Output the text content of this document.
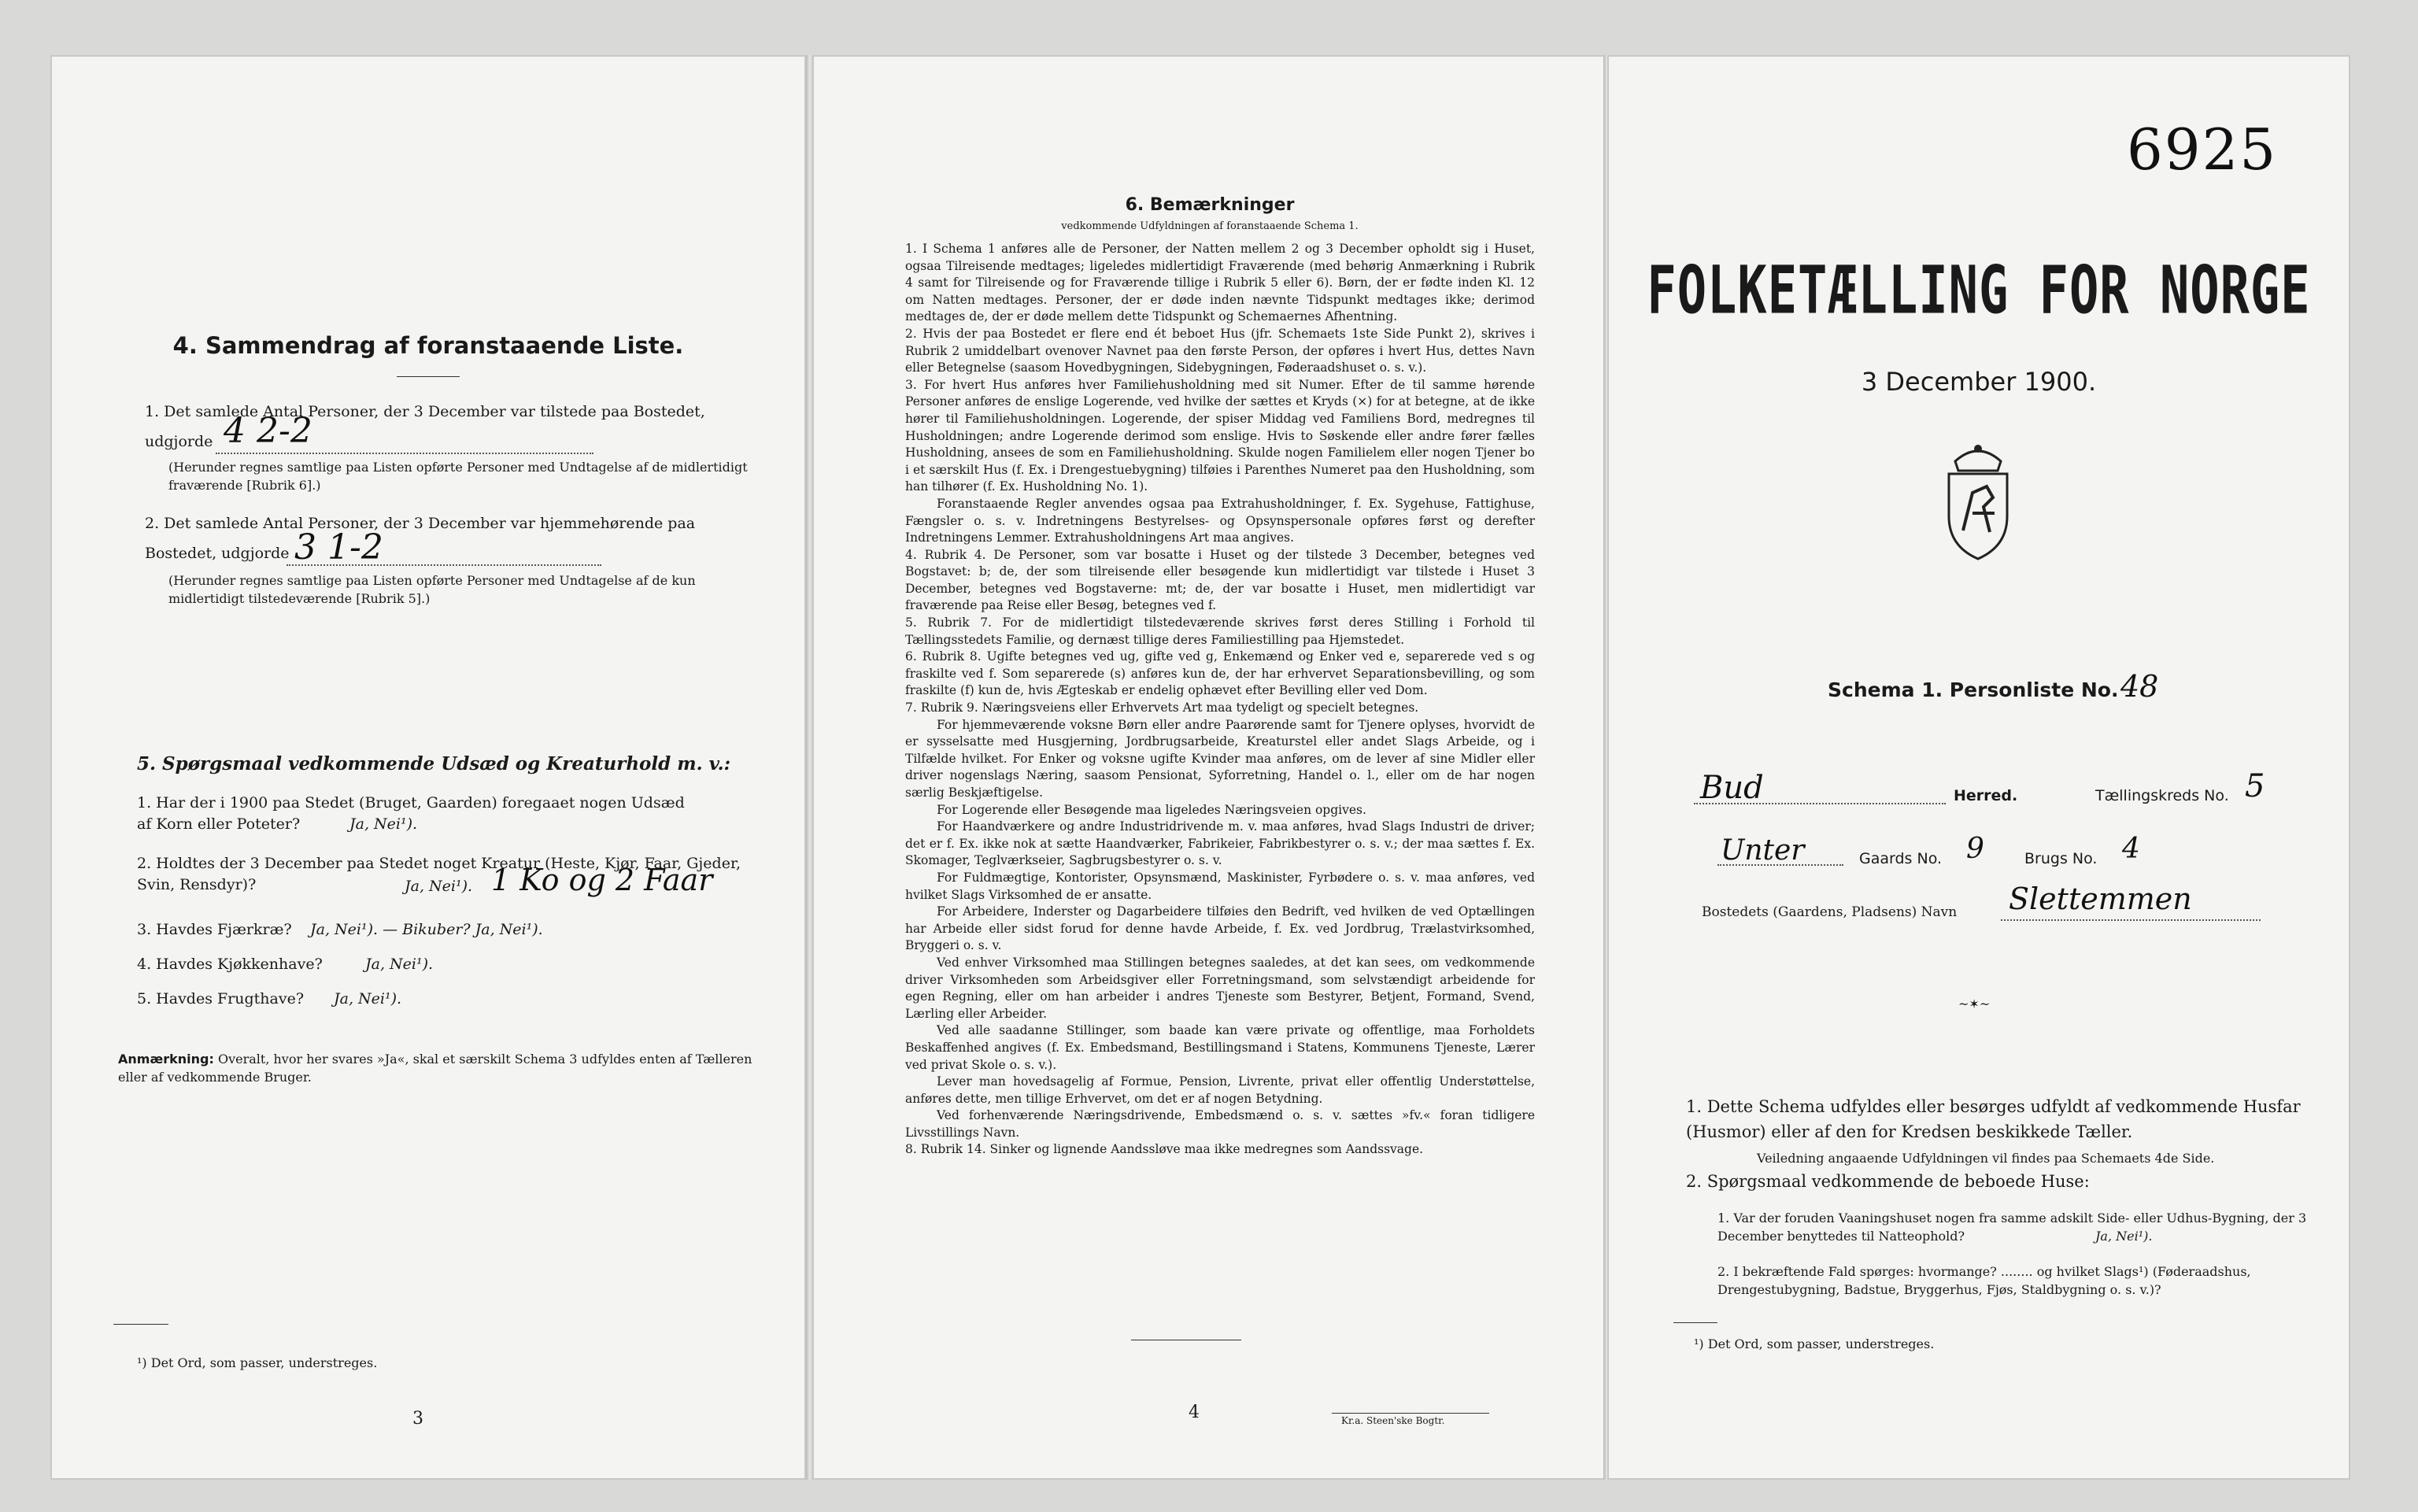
4. Sammendrag af foranstaaende Liste.
1. Det samlede Antal Personer, der 3 December var tilstede paa Bostedet,
udgjorde 4 2-2
(Herunder regnes samtlige paa Listen opførte Personer med Undtagelse af de midlertidigt fraværende [Rubrik 6].)
2. Det samlede Antal Personer, der 3 December var hjemmehørende paa
Bostedet, udgjorde 3 1-2
(Herunder regnes samtlige paa Listen opførte Personer med Undtagelse af de kun midlertidigt tilstedeværende [Rubrik 5].)
5. Spørgsmaal vedkommende Udsæd og Kreaturhold m. v.:
1. Har der i 1900 paa Stedet (Bruget, Gaarden) foregaaet nogen Udsæd af Korn eller Poteter?	Ja, Nei¹).
2. Holdtes der 3 December paa Stedet noget Kreatur (Heste, Kjør, Faar, Gjeder, Svin, Rensdyr)?	Ja, Nei¹). 1 Ko og 2 Faar
3. Havdes Fjærkræ? Ja, Nei¹). — Bikuber? Ja, Nei¹).
4. Havdes Kjøkkenhave?	Ja, Nei¹).
5. Havdes Frugthave? Ja, Nei¹).
Anmærkning: Overalt, hvor her svares »Ja«, skal et særskilt Schema 3 udfyldes enten af Tælleren eller af vedkommende Bruger.
¹) Det Ord, som passer, understreges.
3
6. Bemærkninger
vedkommende Udfyldningen af foranstaaende Schema 1.
1. I Schema 1 anføres alle de Personer, der Natten mellem 2 og 3 December opholdt sig i Huset, ogsaa Tilreisende medtages; ligeledes midlertidigt Fraværende (med behørig Anmærkning i Rubrik 4 samt for Tilreisende og for Fraværende tillige i Rubrik 5 eller 6). Børn, der er fødte inden Kl. 12 om Natten medtages. Personer, der er døde inden nævnte Tidspunkt medtages ikke; derimod medtages de, der er døde mellem dette Tidspunkt og Schemaernes Afhentning.
2. Hvis der paa Bostedet er flere end ét beboet Hus (jfr. Schemaets 1ste Side Punkt 2), skrives i Rubrik 2 umiddelbart ovenover Navnet paa den første Person, der opføres i hvert Hus, dettes Navn eller Betegnelse (saasom Hovedbygningen, Sidebygningen, Føderaadshuset o. s. v.).
3. For hvert Hus anføres hver Familiehusholdning med sit Numer. Efter de til samme hørende Personer anføres de enslige Logerende, ved hvilke der sættes et Kryds (×) for at betegne, at de ikke hører til Familiehusholdningen. Logerende, der spiser Middag ved Familiens Bord, medregnes til Husholdningen; andre Logerende derimod som enslige. Hvis to Søskende eller andre fører fælles Husholdning, ansees de som en Familiehusholdning. Skulde nogen Familielem eller nogen Tjener bo i et særskilt Hus (f. Ex. i Drengestuebygning) tilføies i Parenthes Numeret paa den Husholdning, som han tilhører (f. Ex. Husholdning No. 1).
Foranstaaende Regler anvendes ogsaa paa Extrahusholdninger, f. Ex. Sygehuse, Fattighuse, Fængsler o. s. v. Indretningens Bestyrelses- og Opsynspersonale opføres først og derefter Indretningens Lemmer. Extrahusholdningens Art maa angives.
4. Rubrik 4. De Personer, som var bosatte i Huset og der tilstede 3 December, betegnes ved Bogstavet: b; de, der som tilreisende eller besøgende kun midlertidigt var tilstede i Huset 3 December, betegnes ved Bogstaverne: mt; de, der var bosatte i Huset, men midlertidigt var fraværende paa Reise eller Besøg, betegnes ved f.
5. Rubrik 7. For de midlertidigt tilstedeværende skrives først deres Stilling i Forhold til Tællingsstedets Familie, og dernæst tillige deres Familiestilling paa Hjemstedet.
6. Rubrik 8. Ugifte betegnes ved ug, gifte ved g, Enkemænd og Enker ved e, separerede ved s og fraskilte ved f. Som separerede (s) anføres kun de, der har erhvervet Separationsbevilling, og som fraskilte (f) kun de, hvis Ægteskab er endelig ophævet efter Bevilling eller ved Dom.
7. Rubrik 9. Næringsveiens eller Erhvervets Art maa tydeligt og specielt betegnes.
For hjemmeværende voksne Børn eller andre Paarørende samt for Tjenere oplyses, hvorvidt de er sysselsatte med Husgjerning, Jordbrugsarbeide, Kreaturstel eller andet Slags Arbeide, og i Tilfælde hvilket. For Enker og voksne ugifte Kvinder maa anføres, om de lever af sine Midler eller driver nogenslags Næring, saasom Pensionat, Syforretning, Handel o. l., eller om de har nogen særlig Beskjæftigelse.
For Logerende eller Besøgende maa ligeledes Næringsveien opgives.
For Haandværkere og andre Industridrivende m. v. maa anføres, hvad Slags Industri de driver; det er f. Ex. ikke nok at sætte Haandværker, Fabrikeier, Fabrikbestyrer o. s. v.; der maa sættes f. Ex. Skomager, Teglværkseier, Sagbrugsbestyrer o. s. v.
For Fuldmægtige, Kontorister, Opsynsmænd, Maskinister, Fyrbødere o. s. v. maa anføres, ved hvilket Slags Virksomhed de er ansatte.
For Arbeidere, Inderster og Dagarbeidere tilføies den Bedrift, ved hvilken de ved Optællingen har Arbeide eller sidst forud for denne havde Arbeide, f. Ex. ved Jordbrug, Trælastvirksomhed, Bryggeri o. s. v.
Ved enhver Virksomhed maa Stillingen betegnes saaledes, at det kan sees, om vedkommende driver Virksomheden som Arbeidsgiver eller Forretningsmand, som selvstændigt arbeidende for egen Regning, eller om han arbeider i andres Tjeneste som Bestyrer, Betjent, Formand, Svend, Lærling eller Arbeider.
Ved alle saadanne Stillinger, som baade kan være private og offentlige, maa Forholdets Beskaffenhed angives (f. Ex. Embedsmand, Bestillingsmand i Statens, Kommunens Tjeneste, Lærer ved privat Skole o. s. v.).
Lever man hovedsagelig af Formue, Pension, Livrente, privat eller offentlig Understøttelse, anføres dette, men tillige Erhvervet, om det er af nogen Betydning.
Ved forhenværende Næringsdrivende, Embedsmænd o. s. v. sættes »fv.« foran tidligere Livsstillings Navn.
8. Rubrik 14. Sinker og lignende Aandssløve maa ikke medregnes som Aandssvage.
4	Kr.a. Steen'ske Bogtr.
6925
FOLKETÆLLING FOR NORGE
3 December 1900.
Schema 1. Personliste No. 48
Bud	Herred.	Tællingskreds No. 5
Unter	Gaards No. 9	Brugs No. 4
Bostedets (Gaardens, Pladsens) Navn Slettemmen
~✶~
1. Dette Schema udfyldes eller besørges udfyldt af vedkommende Husfar (Husmor) eller af den for Kredsen beskikkede Tæller.
Veiledning angaaende Udfyldningen vil findes paa Schemaets 4de Side.
2. Spørgsmaal vedkommende de beboede Huse:
1. Var der foruden Vaaningshuset nogen fra samme adskilt Side- eller Udhus-Bygning, der 3 December benyttedes til Natteophold?	Ja, Nei¹).
2. I bekræftende Fald spørges: hvormange? ........ og hvilket Slags¹) (Føderaadshus, Drengestubygning, Badstue, Bryggerhus, Fjøs, Staldbygning o. s. v.)?
¹) Det Ord, som passer, understreges.
